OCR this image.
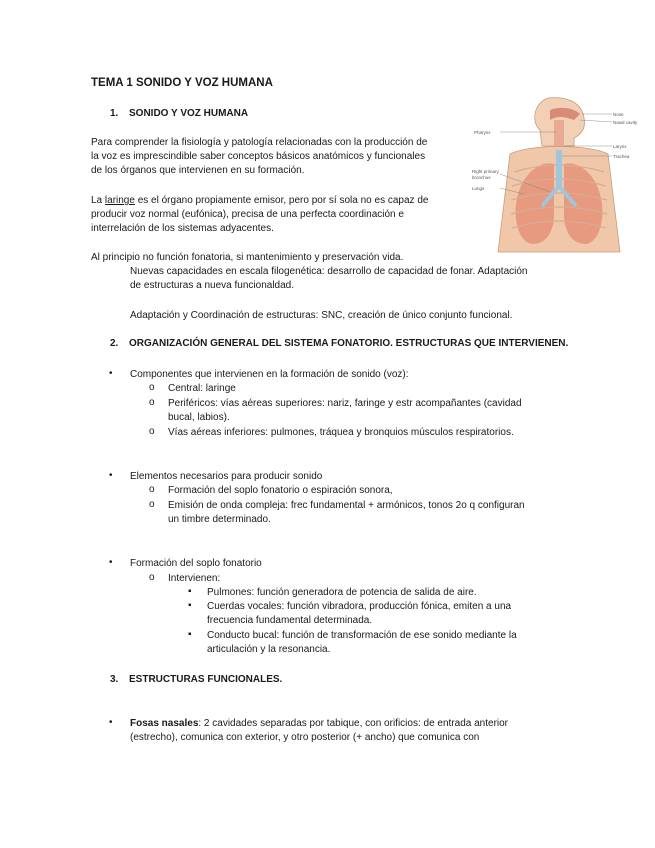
TEMA 1 SONIDO Y VOZ HUMANA
1. SONIDO Y VOZ HUMANA
Para comprender la fisiología y patología relacionadas con la producción de
la voz es imprescindible saber conceptos básicos anatómicos y funcionales
de los órganos que intervienen en su formación.
La laringe es el órgano propiamente emisor, pero por sí sola no es capaz de
producir voz normal (eufónica), precisa de una perfecta coordinación e
interrelación de los sistemas adyacentes.
Al principio no función fonatoria, si mantenimiento y preservación vida.
Nuevas capacidades en escala filogenética: desarrollo de capacidad de fonar. Adaptación
de estructuras a nueva funcionaldad.
Adaptación y Coordinación de estructuras: SNC, creación de único conjunto funcional.
2. ORGANIZACIÓN GENERAL DEL SISTEMA FONATORIO. ESTRUCTURAS QUE INTERVIENEN.
• Componentes que intervienen en la formación de sonido (voz):
o Central: laringe
o Periféricos: vías aéreas superiores: nariz, faringe y estr acompañantes (cavidad
bucal, labios).
o Vías aéreas inferiores: pulmones, tráquea y bronquios músculos respiratorios.
• Elementos necesarios para producir sonido
o Formación del soplo fonatorio o espiración sonora,
o Emisión de onda compleja: frec fundamental + armónicos, tonos 2o q configuran
un timbre determinado.
• Formación del soplo fonatorio
o Intervienen:
▪ Pulmones: función generadora de potencia de salida de aire.
▪ Cuerdas vocales: función vibradora, producción fónica, emiten a una
frecuencia fundamental determinada.
▪ Conducto bucal: función de transformación de ese sonido mediante la
articulación y la resonancia.
3. ESTRUCTURAS FUNCIONALES.
• Fosas nasales: 2 cavidades separadas por tabique, con orificios: de entrada anterior
(estrecho), comunica con exterior, y otro posterior (+ ancho) que comunica con
Nose
Nasal cavity
Pharynx
Larynx
Trachea
Right primary
bronchus
Lungs
